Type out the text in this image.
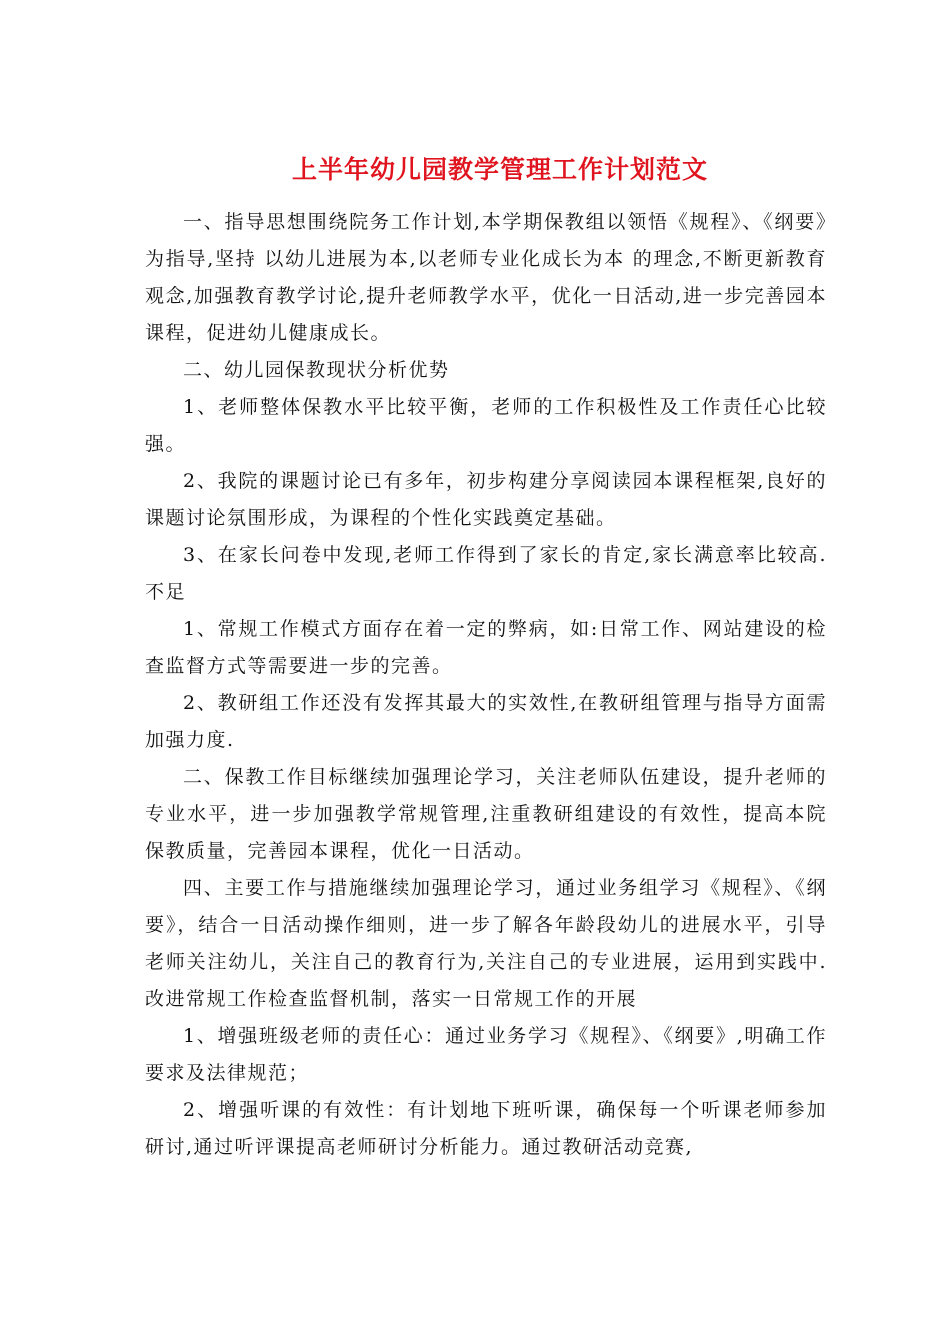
上半年幼儿园教学管理工作计划范文

一、指导思想围绕院务工作计划,本学期保教组以领悟《规程》、《纲要》为指导,坚持 以幼儿进展为本,以老师专业化成长为本 的理念,不断更新教育观念,加强教育教学讨论,提升老师教学水平，优化一日活动,进一步完善园本课程，促进幼儿健康成长。

二、幼儿园保教现状分析优势

1、老师整体保教水平比较平衡，老师的工作积极性及工作责任心比较强。

2、我院的课题讨论已有多年，初步构建分享阅读园本课程框架,良好的课题讨论氛围形成，为课程的个性化实践奠定基础。

3、在家长问卷中发现,老师工作得到了家长的肯定,家长满意率比较高.不足

1、常规工作模式方面存在着一定的弊病，如:日常工作、网站建设的检查监督方式等需要进一步的完善。

2、教研组工作还没有发挥其最大的实效性,在教研组管理与指导方面需加强力度.

二、保教工作目标继续加强理论学习，关注老师队伍建设，提升老师的专业水平，进一步加强教学常规管理,注重教研组建设的有效性，提高本院保教质量，完善园本课程，优化一日活动。

四、主要工作与措施继续加强理论学习，通过业务组学习《规程》、《纲要》，结合一日活动操作细则，进一步了解各年龄段幼儿的进展水平，引导老师关注幼儿，关注自己的教育行为,关注自己的专业进展，运用到实践中.改进常规工作检查监督机制，落实一日常规工作的开展

1、增强班级老师的责任心：通过业务学习《规程》、《纲要》,明确工作要求及法律规范；

2、增强听课的有效性：有计划地下班听课，确保每一个听课老师参加研讨,通过听评课提高老师研讨分析能力。通过教研活动竞赛,
